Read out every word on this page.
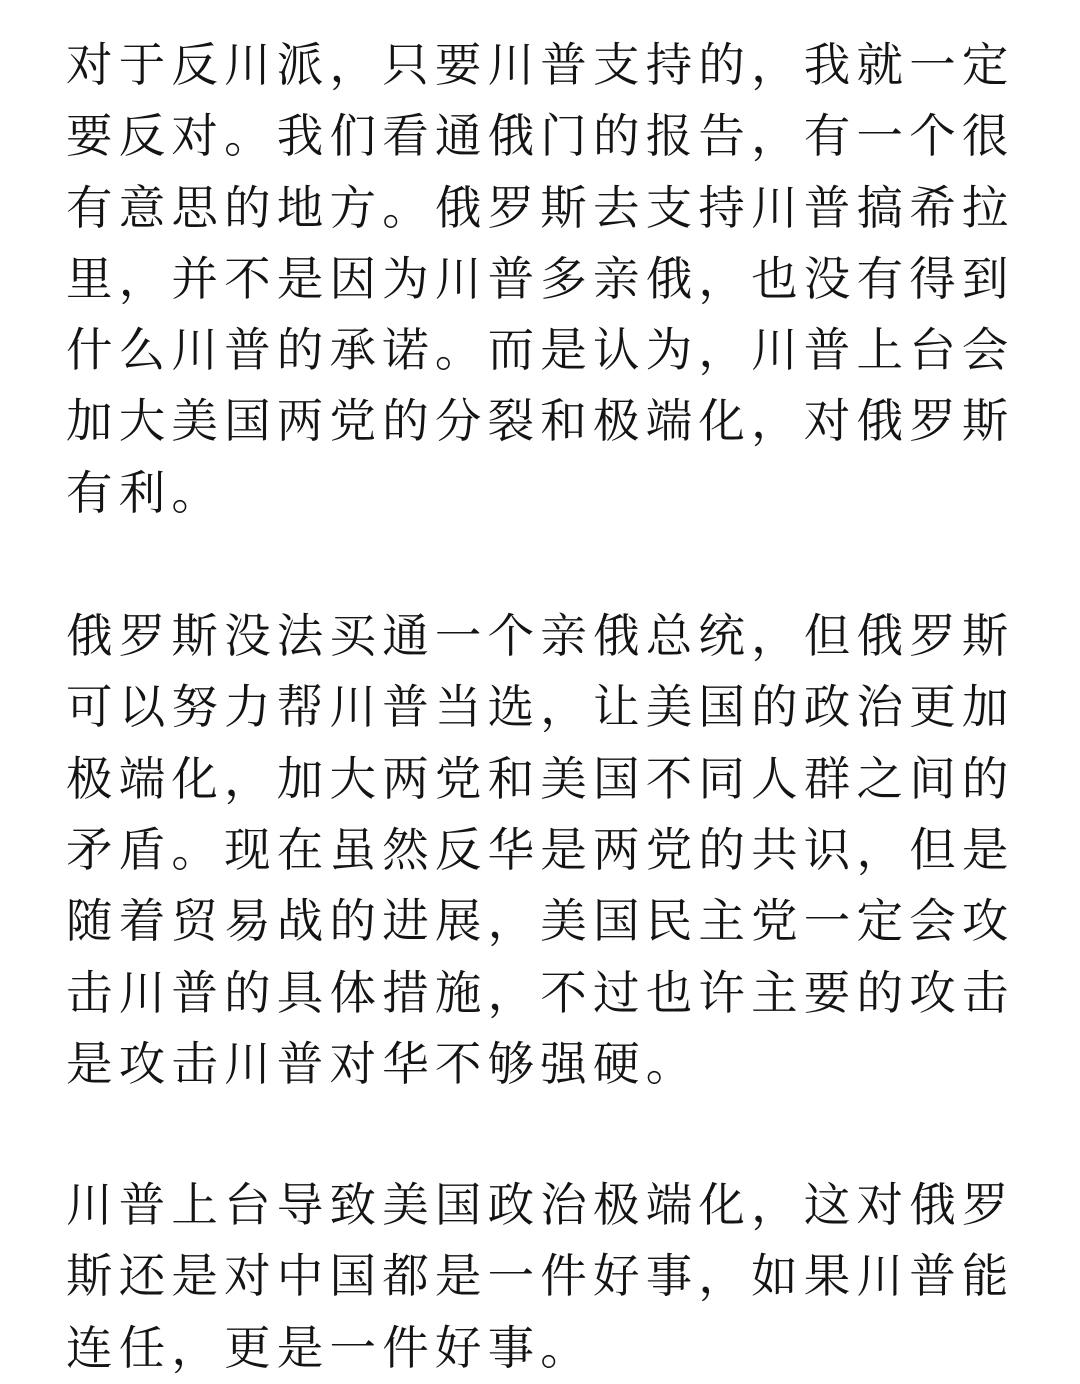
对于反川派，只要川普支持的，我就一定
要反对。我们看通俄门的报告，有一个很
有意思的地方。俄罗斯去支持川普搞希拉
里，并不是因为川普多亲俄，也没有得到
什么川普的承诺。而是认为，川普上台会
加大美国两党的分裂和极端化，对俄罗斯
有利。

俄罗斯没法买通一个亲俄总统，但俄罗斯
可以努力帮川普当选，让美国的政治更加
极端化，加大两党和美国不同人群之间的
矛盾。现在虽然反华是两党的共识，但是
随着贸易战的进展，美国民主党一定会攻
击川普的具体措施，不过也许主要的攻击
是攻击川普对华不够强硬。

川普上台导致美国政治极端化，这对俄罗
斯还是对中国都是一件好事，如果川普能
连任，更是一件好事。
